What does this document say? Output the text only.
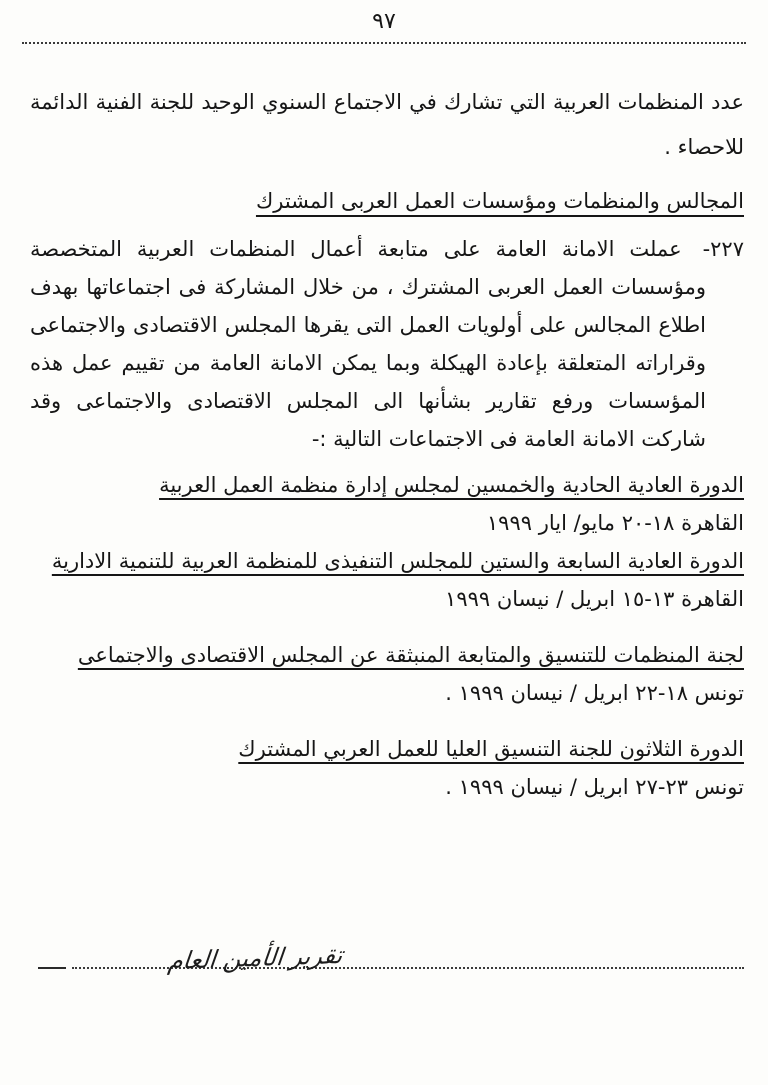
٩٧

عدد المنظمات العربية التي تشارك في الاجتماع السنوي الوحيد للجنة الفنية الدائمة للاحصاء .

المجالس والمنظمات ومؤسسات العمل العربى المشترك

٢٢٧- عملت الامانة العامة على متابعة أعمال المنظمات العربية المتخصصة ومؤسسات العمل العربى المشترك ، من خلال المشاركة فى اجتماعاتها بهدف اطلاع المجالس على أولويات العمل التى يقرها المجلس الاقتصادى والاجتماعى وقراراته المتعلقة بإعادة الهيكلة وبما يمكن الامانة العامة من تقييم عمل هذه المؤسسات ورفع تقارير بشأنها الى المجلس الاقتصادى والاجتماعى وقد شاركت الامانة العامة فى الاجتماعات التالية :-

الدورة العادية الحادية والخمسين لمجلس إدارة منظمة العمل العربية

القاهرة ١٨-٢٠ مايو/ ايار ١٩٩٩

الدورة العادية السابعة والستين للمجلس التنفيذى للمنظمة العربية للتنمية الادارية

القاهرة ١٣-١٥ ابريل / نيسان ١٩٩٩

لجنة المنظمات للتنسيق والمتابعة المنبثقة عن المجلس الاقتصادى والاجتماعى

تونس ١٨-٢٢ ابريل / نيسان ١٩٩٩ .

الدورة الثلاثون للجنة التنسيق العليا للعمل العربي المشترك

تونس ٢٣-٢٧ ابريل / نيسان ١٩٩٩ .

تقرير الأمين العام
